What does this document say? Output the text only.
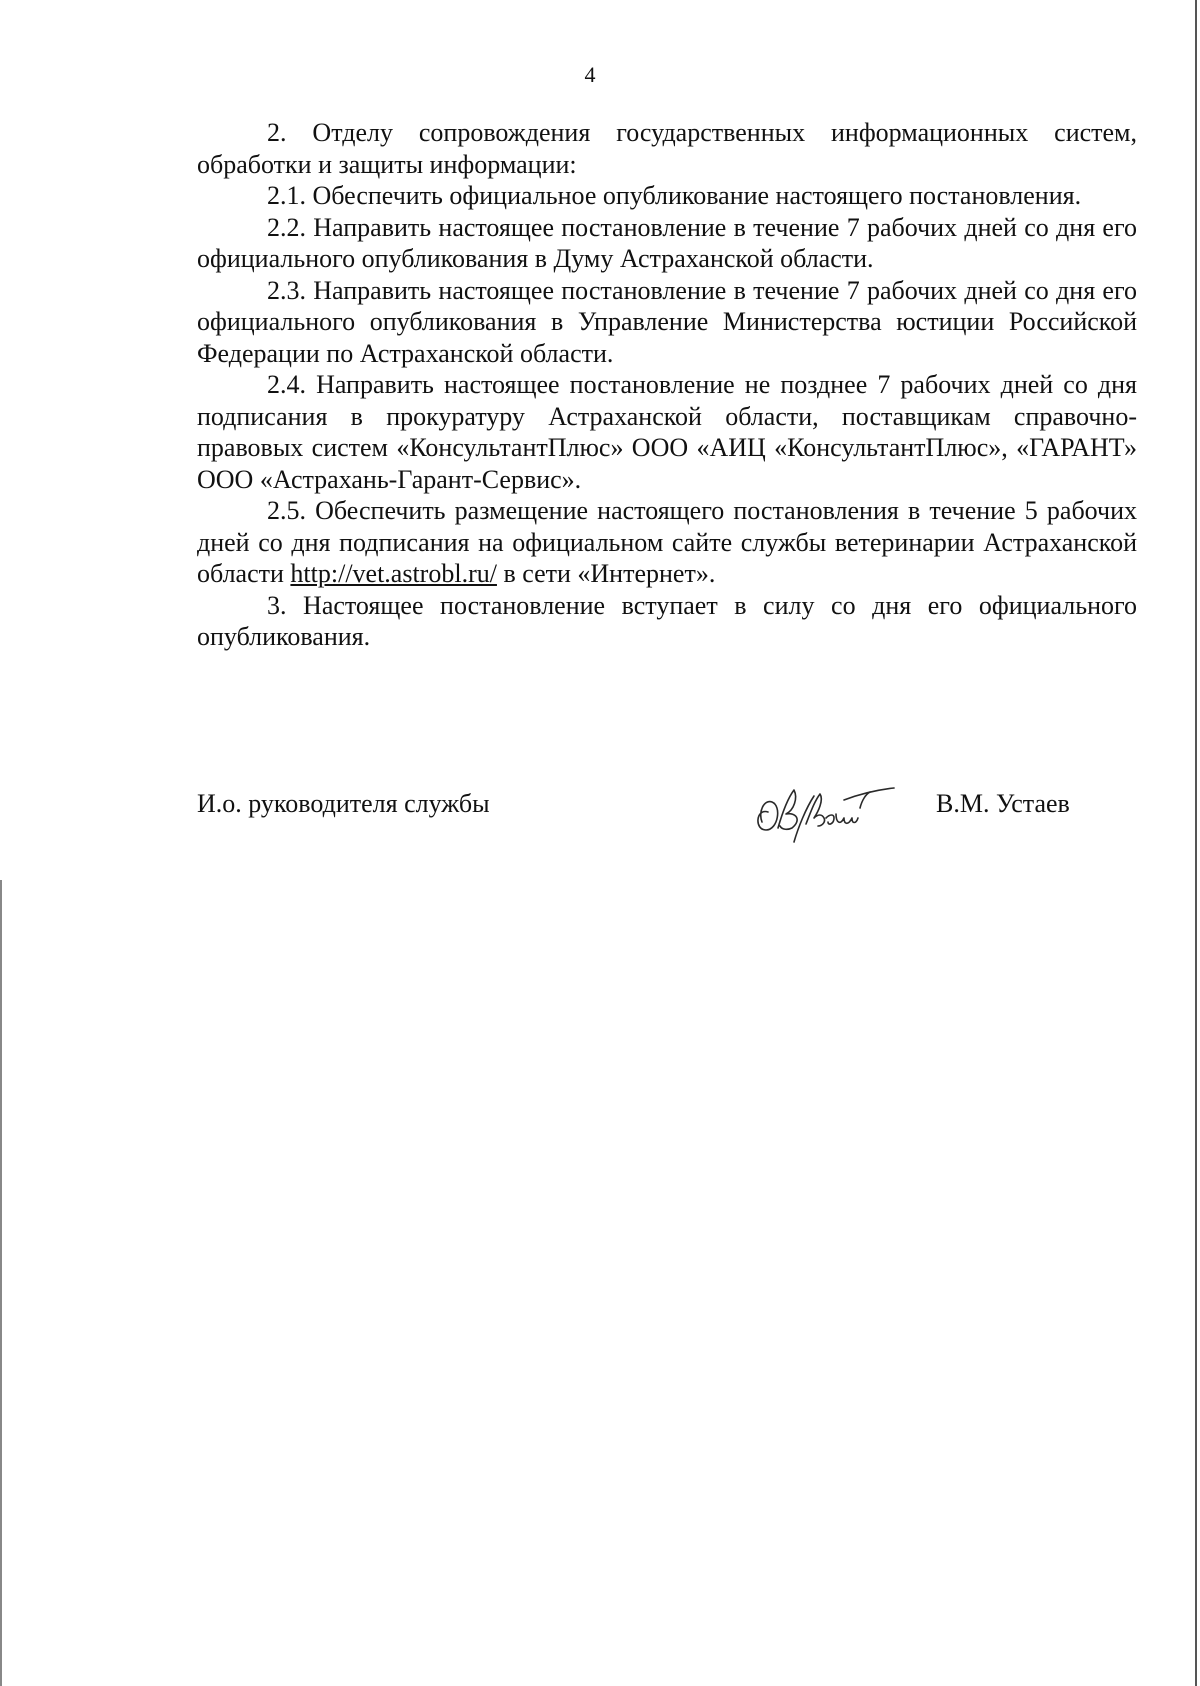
4

2. Отделу сопровождения государственных информационных систем, обработки и защиты информации:

2.1. Обеспечить официальное опубликование настоящего постановления.

2.2. Направить настоящее постановление в течение 7 рабочих дней со дня его официального опубликования в Думу Астраханской области.

2.3. Направить настоящее постановление в течение 7 рабочих дней со дня его официального опубликования в Управление Министерства юстиции Российской Федерации по Астраханской области.

2.4. Направить настоящее постановление не позднее 7 рабочих дней со дня подписания в прокуратуру Астраханской области, поставщикам справочно-правовых систем «КонсультантПлюс» ООО «АИЦ «КонсультантПлюс», «ГАРАНТ» ООО «Астрахань-Гарант-Сервис».

2.5. Обеспечить размещение настоящего постановления в течение 5 рабочих дней со дня подписания на официальном сайте службы ветеринарии Астраханской области http://vet.astrobl.ru/ в сети «Интернет».

3. Настоящее постановление вступает в силу со дня его официального опубликования.

И.о. руководителя службы	В.М. Устаев
